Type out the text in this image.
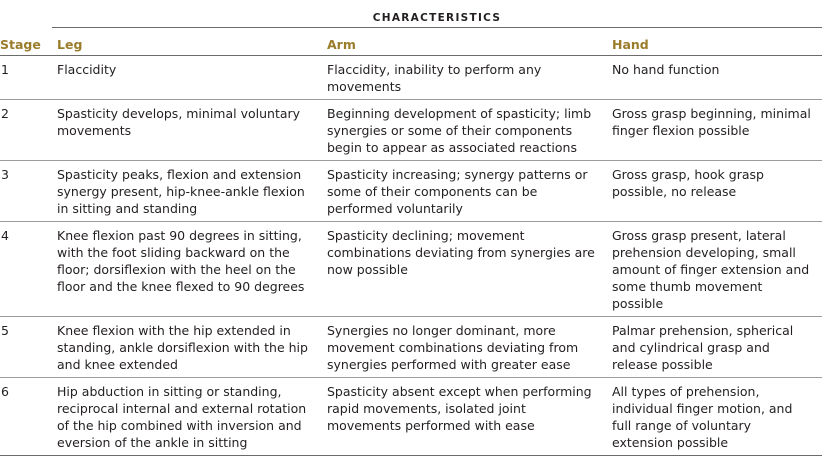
	CHARACTERISTICS		
Stage	Leg	Arm	Hand
1	Flaccidity	Flaccidity, inability to perform any movements	No hand function
2	Spasticity develops, minimal voluntary movements	Beginning development of spasticity; limb synergies or some of their components begin to appear as associated reactions	Gross grasp beginning, minimal finger flexion possible
3	Spasticity peaks, flexion and extension synergy present, hip-knee-ankle flexion in sitting and standing	Spasticity increasing; synergy patterns or some of their components can be performed voluntarily	Gross grasp, hook grasp possible, no release
4	Knee flexion past 90 degrees in sitting, with the foot sliding backward on the floor; dorsiflexion with the heel on the floor and the knee flexed to 90 degrees	Spasticity declining; movement combinations deviating from synergies are now possible	Gross grasp present, lateral prehension developing, small amount of finger extension and some thumb movement possible
5	Knee flexion with the hip extended in standing, ankle dorsiflexion with the hip and knee extended	Synergies no longer dominant, more movement combinations deviating from synergies performed with greater ease	Palmar prehension, spherical and cylindrical grasp and release possible
6	Hip abduction in sitting or standing, reciprocal internal and external rotation of the hip combined with inversion and eversion of the ankle in sitting	Spasticity absent except when performing rapid movements, isolated joint movements performed with ease	All types of prehension, individual finger motion, and full range of voluntary extension possible
